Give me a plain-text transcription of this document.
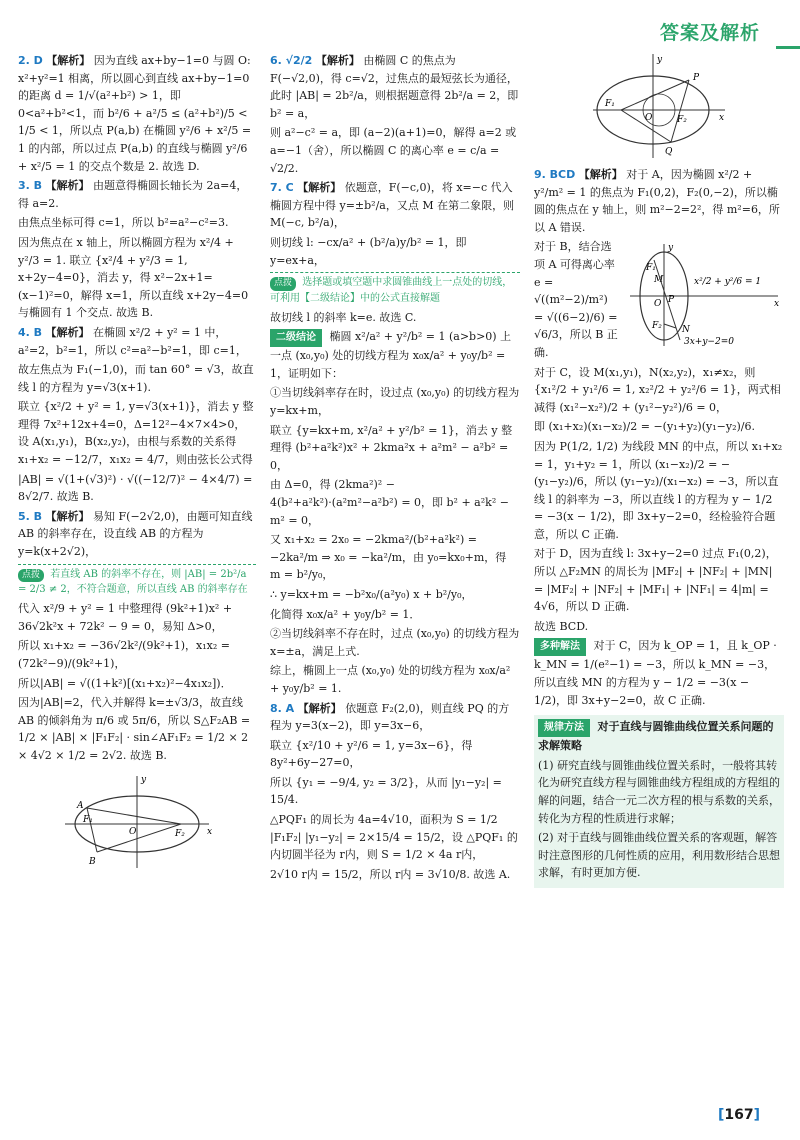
答案及解析

2. D 【解析】 因为直线 ax+by−1=0 与圆 O: x²+y²=1 相离，所以圆心到直线 ax+by−1=0 的距离 d = 1/√(a²+b²) > 1，即 0<a²+b²<1，而 b²/6 + a²/5 ≤ (a²+b²)/5 < 1/5 < 1，所以点 P(a,b) 在椭圆 y²/6 + x²/5 = 1 的内部，所以过点 P(a,b) 的直线与椭圆 y²/6 + x²/5 = 1 的交点个数是 2. 故选 D.

3. B 【解析】 由题意得椭圆长轴长为 2a=4，得 a=2.

由焦点坐标可得 c=1，所以 b²=a²−c²=3.

因为焦点在 x 轴上，所以椭圆方程为 x²/4 + y²/3 = 1. 联立 {x²/4 + y²/3 = 1, x+2y−4=0}，消去 y，得 x²−2x+1=(x−1)²=0，解得 x=1，所以直线 x+2y−4=0 与椭圆有 1 个交点. 故选 B.

4. B 【解析】 在椭圆 x²/2 + y² = 1 中，a²=2，b²=1，所以 c²=a²−b²=1，即 c=1，

故左焦点为 F₁(−1,0)，而 tan 60° = √3，故直线 l 的方程为 y=√3(x+1).

联立 {x²/2 + y² = 1, y=√3(x+1)}，消去 y 整理得 7x²+12x+4=0，Δ=12²−4×7×4>0，设 A(x₁,y₁)，B(x₂,y₂)，由根与系数的关系得 x₁+x₂ = −12/7，x₁x₂ = 4/7，则由弦长公式得

|AB| = √(1+(√3)²) · √((−12/7)² − 4×4/7) = 8√2/7. 故选 B.

5. B 【解析】 易知 F(−2√2,0)，由题可知直线 AB 的斜率存在，设直线 AB 的方程为 y=k(x+2√2)，

点拨 若直线 AB 的斜率不存在，则 |AB| = 2b²/a = 2/3 ≠ 2，不符合题意，所以直线 AB 的斜率存在

代入 x²/9 + y² = 1 中整理得 (9k²+1)x² + 36√2k²x + 72k² − 9 = 0，易知 Δ>0，

所以 x₁+x₂ = −36√2k²/(9k²+1)，x₁x₂ = (72k²−9)/(9k²+1)，

所以|AB| = √((1+k²)[(x₁+x₂)²−4x₁x₂])．

因为|AB|=2，代入并解得 k=±√3/3，故直线 AB 的倾斜角为 π/6 或 5π/6，所以 S△F₂AB = 1/2 × |AB| × |F₁F₂| · sin∠AF₁F₂ = 1/2 × 2 × 4√2 × 1/2 = 2√2. 故选 B.

y
A
F₁
O	F₂ x
B

6. √2/2 【解析】 由椭圆 C 的焦点为 F(−√2,0)，得 c=√2，过焦点的最短弦长为通径，此时 |AB| = 2b²/a，则根据题意得 2b²/a = 2，即 b² = a，

则 a²−c² = a，即 (a−2)(a+1)=0，解得 a=2 或 a=−1（舍），所以椭圆 C 的离心率 e = c/a = √2/2.

7. C 【解析】 依题意，F(−c,0)，将 x=−c 代入椭圆方程中得 y=±b²/a，又点 M 在第二象限，则 M(−c, b²/a)，

则切线 l: −cx/a² + (b²/a)y/b² = 1，即 y=ex+a，

点拨 选择题或填空题中求圆锥曲线上一点处的切线，可利用【二级结论】中的公式直接解题

故切线 l 的斜率 k=e. 故选 C.

二级结论 椭圆 x²/a² + y²/b² = 1 (a>b>0) 上一点 (x₀,y₀) 处的切线方程为 x₀x/a² + y₀y/b² = 1，证明如下：

①当切线斜率存在时，设过点 (x₀,y₀) 的切线方程为 y=kx+m，

联立 {y=kx+m, x²/a² + y²/b² = 1}，消去 y 整理得 (b²+a²k²)x² + 2kma²x + a²m² − a²b² = 0，

由 Δ=0，得 (2kma²)² − 4(b²+a²k²)·(a²m²−a²b²) = 0，即 b² + a²k² − m² = 0，

又 x₁+x₂ = 2x₀ = −2kma²/(b²+a²k²) = −2ka²/m ⇒ x₀ = −ka²/m，由 y₀=kx₀+m，得 m = b²/y₀，

∴ y=kx+m = −b²x₀/(a²y₀) x + b²/y₀，

化简得 x₀x/a² + y₀y/b² = 1．

②当切线斜率不存在时，过点 (x₀,y₀) 的切线方程为 x=±a，满足上式.

综上，椭圆上一点 (x₀,y₀) 处的切线方程为 x₀x/a² + y₀y/b² = 1.

8. A 【解析】 依题意 F₂(2,0)，则直线 PQ 的方程为 y=3(x−2)，即 y=3x−6，

联立 {x²/10 + y²/6 = 1, y=3x−6}，得 8y²+6y−27=0，

所以 {y₁ = −9/4, y₂ = 3/2}，从而 |y₁−y₂| = 15/4.

△PQF₁ 的周长为 4a=4√10，面积为 S = 1/2 |F₁F₂| |y₁−y₂| = 2×15/4 = 15/2，设 △PQF₁ 的内切圆半径为 r内，则 S = 1/2 × 4a r内，

2√10 r内 = 15/2，所以 r内 = 3√10/8. 故选 A.

y
P
F₁
O	F₂	x
Q

9. BCD 【解析】 对于 A，因为椭圆 x²/2 + y²/m² = 1 的焦点为 F₁(0,2)，F₂(0,−2)，所以椭圆的焦点在 y 轴上，则 m²−2=2²，得 m²=6，所以 A 错误.

y
F₁
x²/2 + y²/6 = 1
M
O	x
P
F₂ N
3x+y−2=0

对于 B，结合选项 A 可得离心率 e = √((m²−2)/m²) = √((6−2)/6) = √6/3，所以 B 正确.

对于 C，设 M(x₁,y₁)，N(x₂,y₂)，x₁≠x₂，则 {x₁²/2 + y₁²/6 = 1, x₂²/2 + y₂²/6 = 1}，两式相减得 (x₁²−x₂²)/2 + (y₁²−y₂²)/6 = 0，

即 (x₁+x₂)(x₁−x₂)/2 = −(y₁+y₂)(y₁−y₂)/6.

因为 P(1/2, 1/2) 为线段 MN 的中点，所以 x₁+x₂ = 1，y₁+y₂ = 1，所以 (x₁−x₂)/2 = −(y₁−y₂)/6，所以 (y₁−y₂)/(x₁−x₂) = −3，所以直线 l 的斜率为 −3，所以直线 l 的方程为 y − 1/2 = −3(x − 1/2)，即 3x+y−2=0，经检验符合题意，所以 C 正确.

对于 D，因为直线 l: 3x+y−2=0 过点 F₁(0,2)，所以 △F₂MN 的周长为 |MF₂| + |NF₂| + |MN| = |MF₂| + |NF₂| + |MF₁| + |NF₁| = 4|m| = 4√6，所以 D 正确.

故选 BCD.

多种解法 对于 C，因为 k_OP = 1，且 k_OP · k_MN = 1/(e²−1) = −3，所以 k_MN = −3，所以直线 MN 的方程为 y − 1/2 = −3(x − 1/2)，即 3x+y−2=0，故 C 正确.

规律方法 对于直线与圆锥曲线位置关系问题的求解策略

(1) 研究直线与圆锥曲线位置关系时，一般将其转化为研究直线方程与圆锥曲线方程组成的方程组的解的问题，结合一元二次方程的根与系数的关系，转化为方程的性质进行求解；

(2) 对于直线与圆锥曲线位置关系的客观题，解答时注意图形的几何性质的应用，利用数形结合思想求解，有时更加方便.

[167]
